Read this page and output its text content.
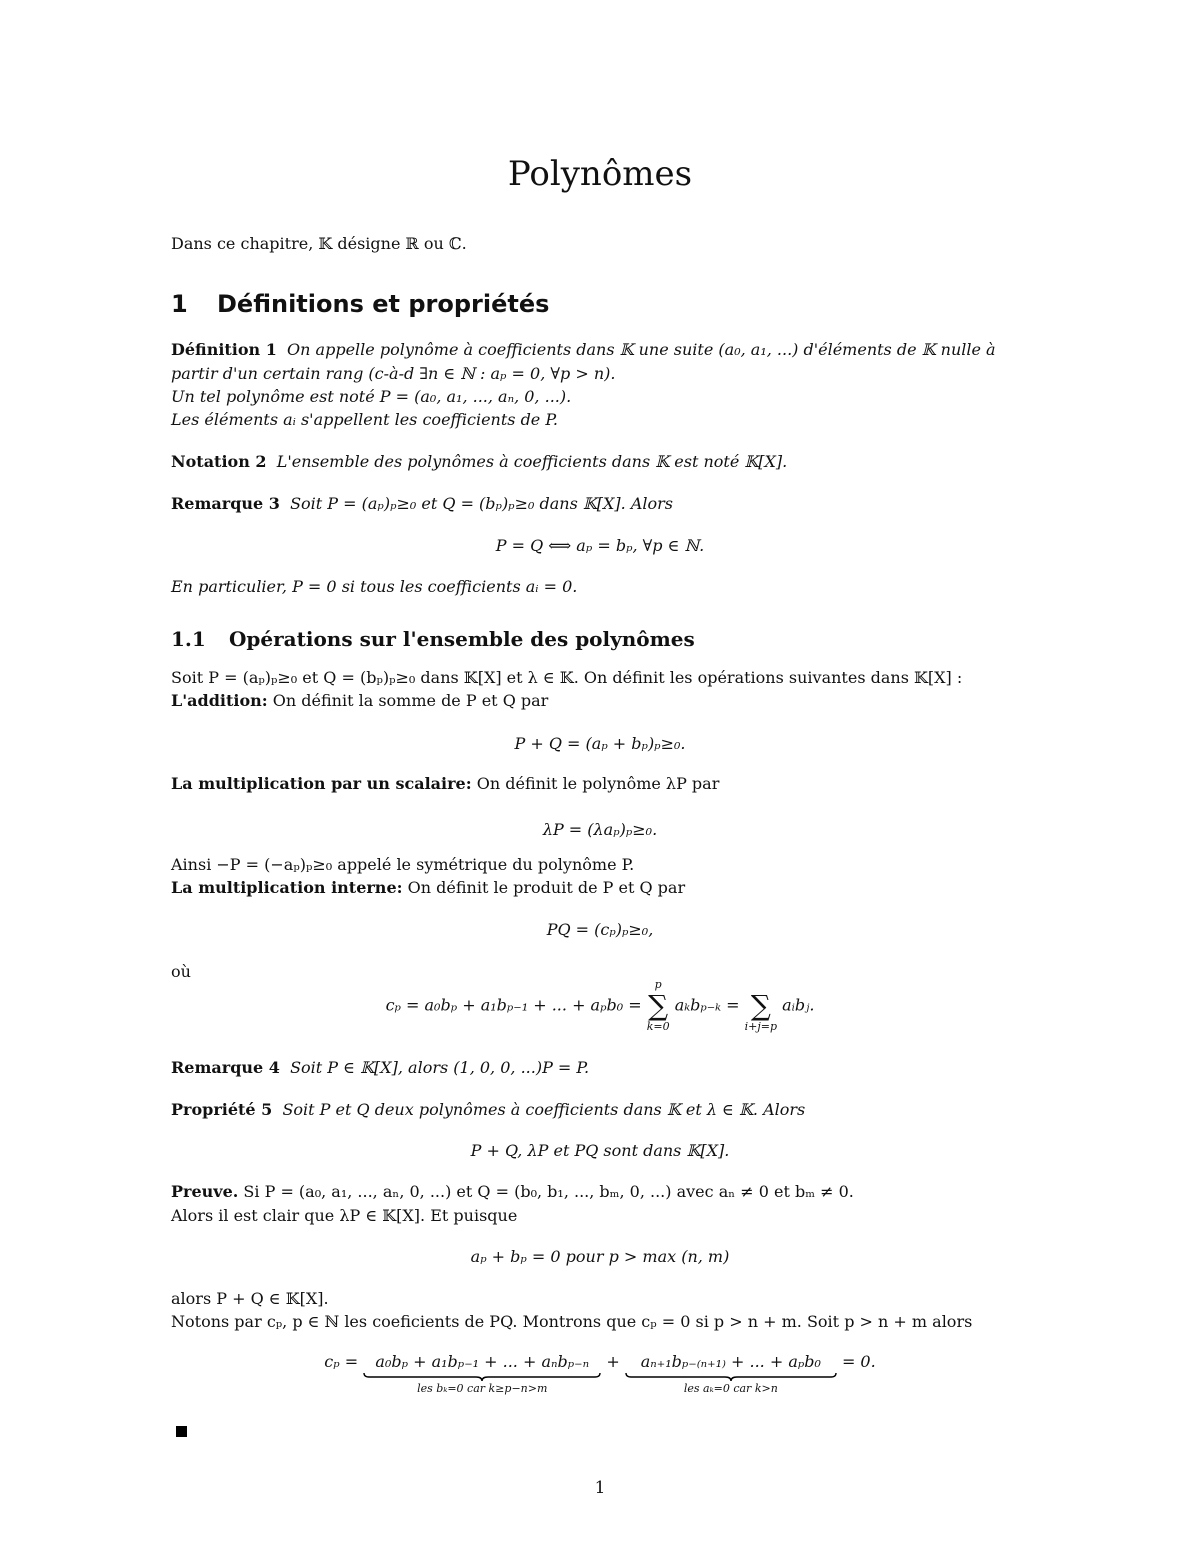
Polynômes
Dans ce chapitre, 𝕂 désigne ℝ ou ℂ.
1 Définitions et propriétés
Définition 1 On appelle polynôme à coefficients dans 𝕂 une suite (a₀, a₁, ...) d'éléments de 𝕂 nulle à
partir d'un certain rang (c-à-d ∃n ∈ ℕ : aₚ = 0, ∀p > n).
Un tel polynôme est noté P = (a₀, a₁, ..., aₙ, 0, ...).
Les éléments aᵢ s'appellent les coefficients de P.
Notation 2 L'ensemble des polynômes à coefficients dans 𝕂 est noté 𝕂[X].
Remarque 3 Soit P = (aₚ)ₚ≥₀ et Q = (bₚ)ₚ≥₀ dans 𝕂[X]. Alors
P = Q ⟺ aₚ = bₚ, ∀p ∈ ℕ.
En particulier, P = 0 si tous les coefficients aᵢ = 0.
1.1 Opérations sur l'ensemble des polynômes
Soit P = (aₚ)ₚ≥₀ et Q = (bₚ)ₚ≥₀ dans 𝕂[X] et λ ∈ 𝕂. On définit les opérations suivantes dans 𝕂[X] :
L'addition: On définit la somme de P et Q par
P + Q = (aₚ + bₚ)ₚ≥₀.
La multiplication par un scalaire: On définit le polynôme λP par
λP = (λaₚ)ₚ≥₀.
Ainsi −P = (−aₚ)ₚ≥₀ appelé le symétrique du polynôme P.
La multiplication interne: On définit le produit de P et Q par
PQ = (cₚ)ₚ≥₀,
où
cₚ = a₀bₚ + a₁bₚ₋₁ + ... + aₚb₀ =
p
∑
k=0
aₖbₚ₋ₖ =
∑
i+j=p
aᵢbⱼ.
Remarque 4 Soit P ∈ 𝕂[X], alors (1, 0, 0, ...)P = P.
Propriété 5 Soit P et Q deux polynômes à coefficients dans 𝕂 et λ ∈ 𝕂. Alors
P + Q, λP et PQ sont dans 𝕂[X].
Preuve. Si P = (a₀, a₁, ..., aₙ, 0, ...) et Q = (b₀, b₁, ..., bₘ, 0, ...) avec aₙ ≠ 0 et bₘ ≠ 0.
Alors il est clair que λP ∈ 𝕂[X]. Et puisque
aₚ + bₚ = 0 pour p > max (n, m)
alors P + Q ∈ 𝕂[X].
Notons par cₚ, p ∈ ℕ les coeficients de PQ. Montrons que cₚ = 0 si p > n + m. Soit p > n + m alors
cₚ =	a₀bₚ + a₁bₚ₋₁ + ... + aₙbₚ₋ₙ
les bₖ=0 car k≥p−n>m
+	aₙ₊₁bₚ₋₍ₙ₊₁₎ + ... + aₚb₀
les aₖ=0 car k>n
= 0.
1
